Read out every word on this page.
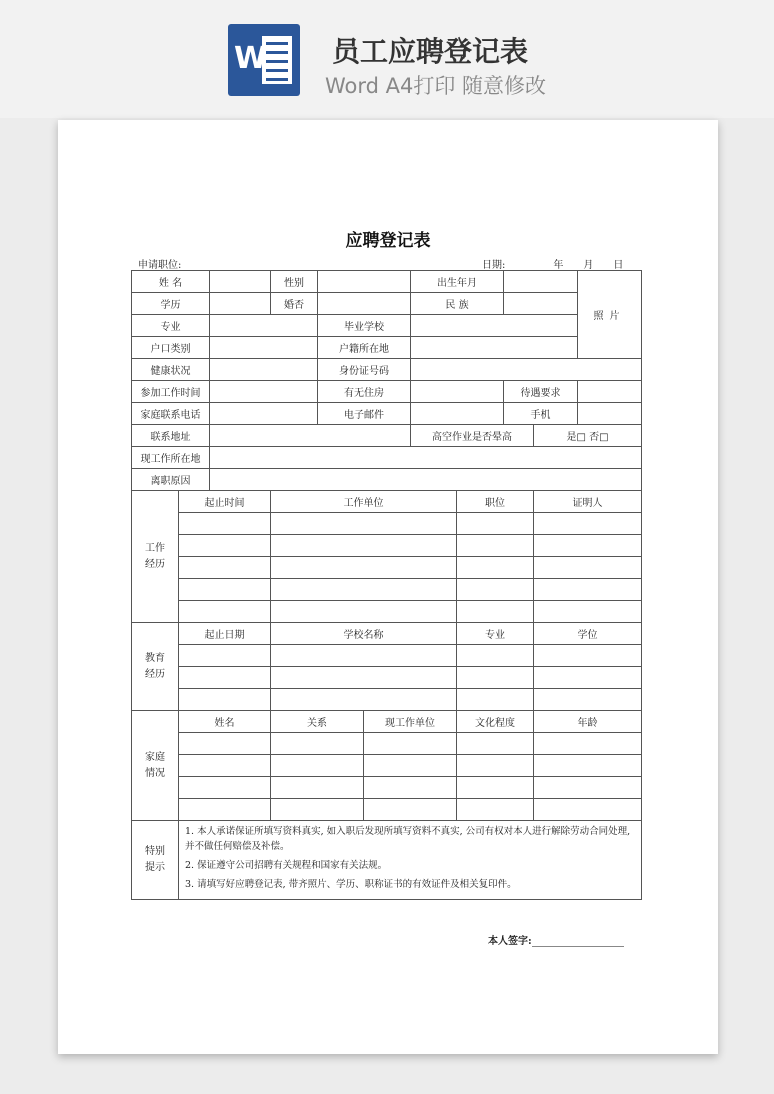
W 员工应聘登记表
Word A4打印 随意修改
应聘登记表
申请职位:	日期:	年 月 日
姓 名			性别			出生年月				照片
学历			婚否			民 族				
专业				毕业学校						
户口类别				户籍所在地						
健康状况				身份证号码						
参加工作时间				有无住房				待遇要求		
家庭联系电话				电子邮件				手机		
联系地址						高空作业是否晕高			是□ 否□	
现工作所在地										
离职原因										
工作经历	起止时间		工作单位				职位		证明人	

教育经历	起止日期		学校名称				专业		学位	

家庭情况	姓名		关系		现工作单位		文化程度		年龄	

特别提示	1. 本人承诺保证所填写资料真实, 如入职后发现所填写资料不真实, 公司有权对本人进行解除劳动合同处理, 并不做任何赔偿及补偿。
2. 保证遵守公司招聘有关规程和国家有关法规。
3. 请填写好应聘登记表, 带齐照片、学历、职称证书的有效证件及相关复印件。									
本人签字:
